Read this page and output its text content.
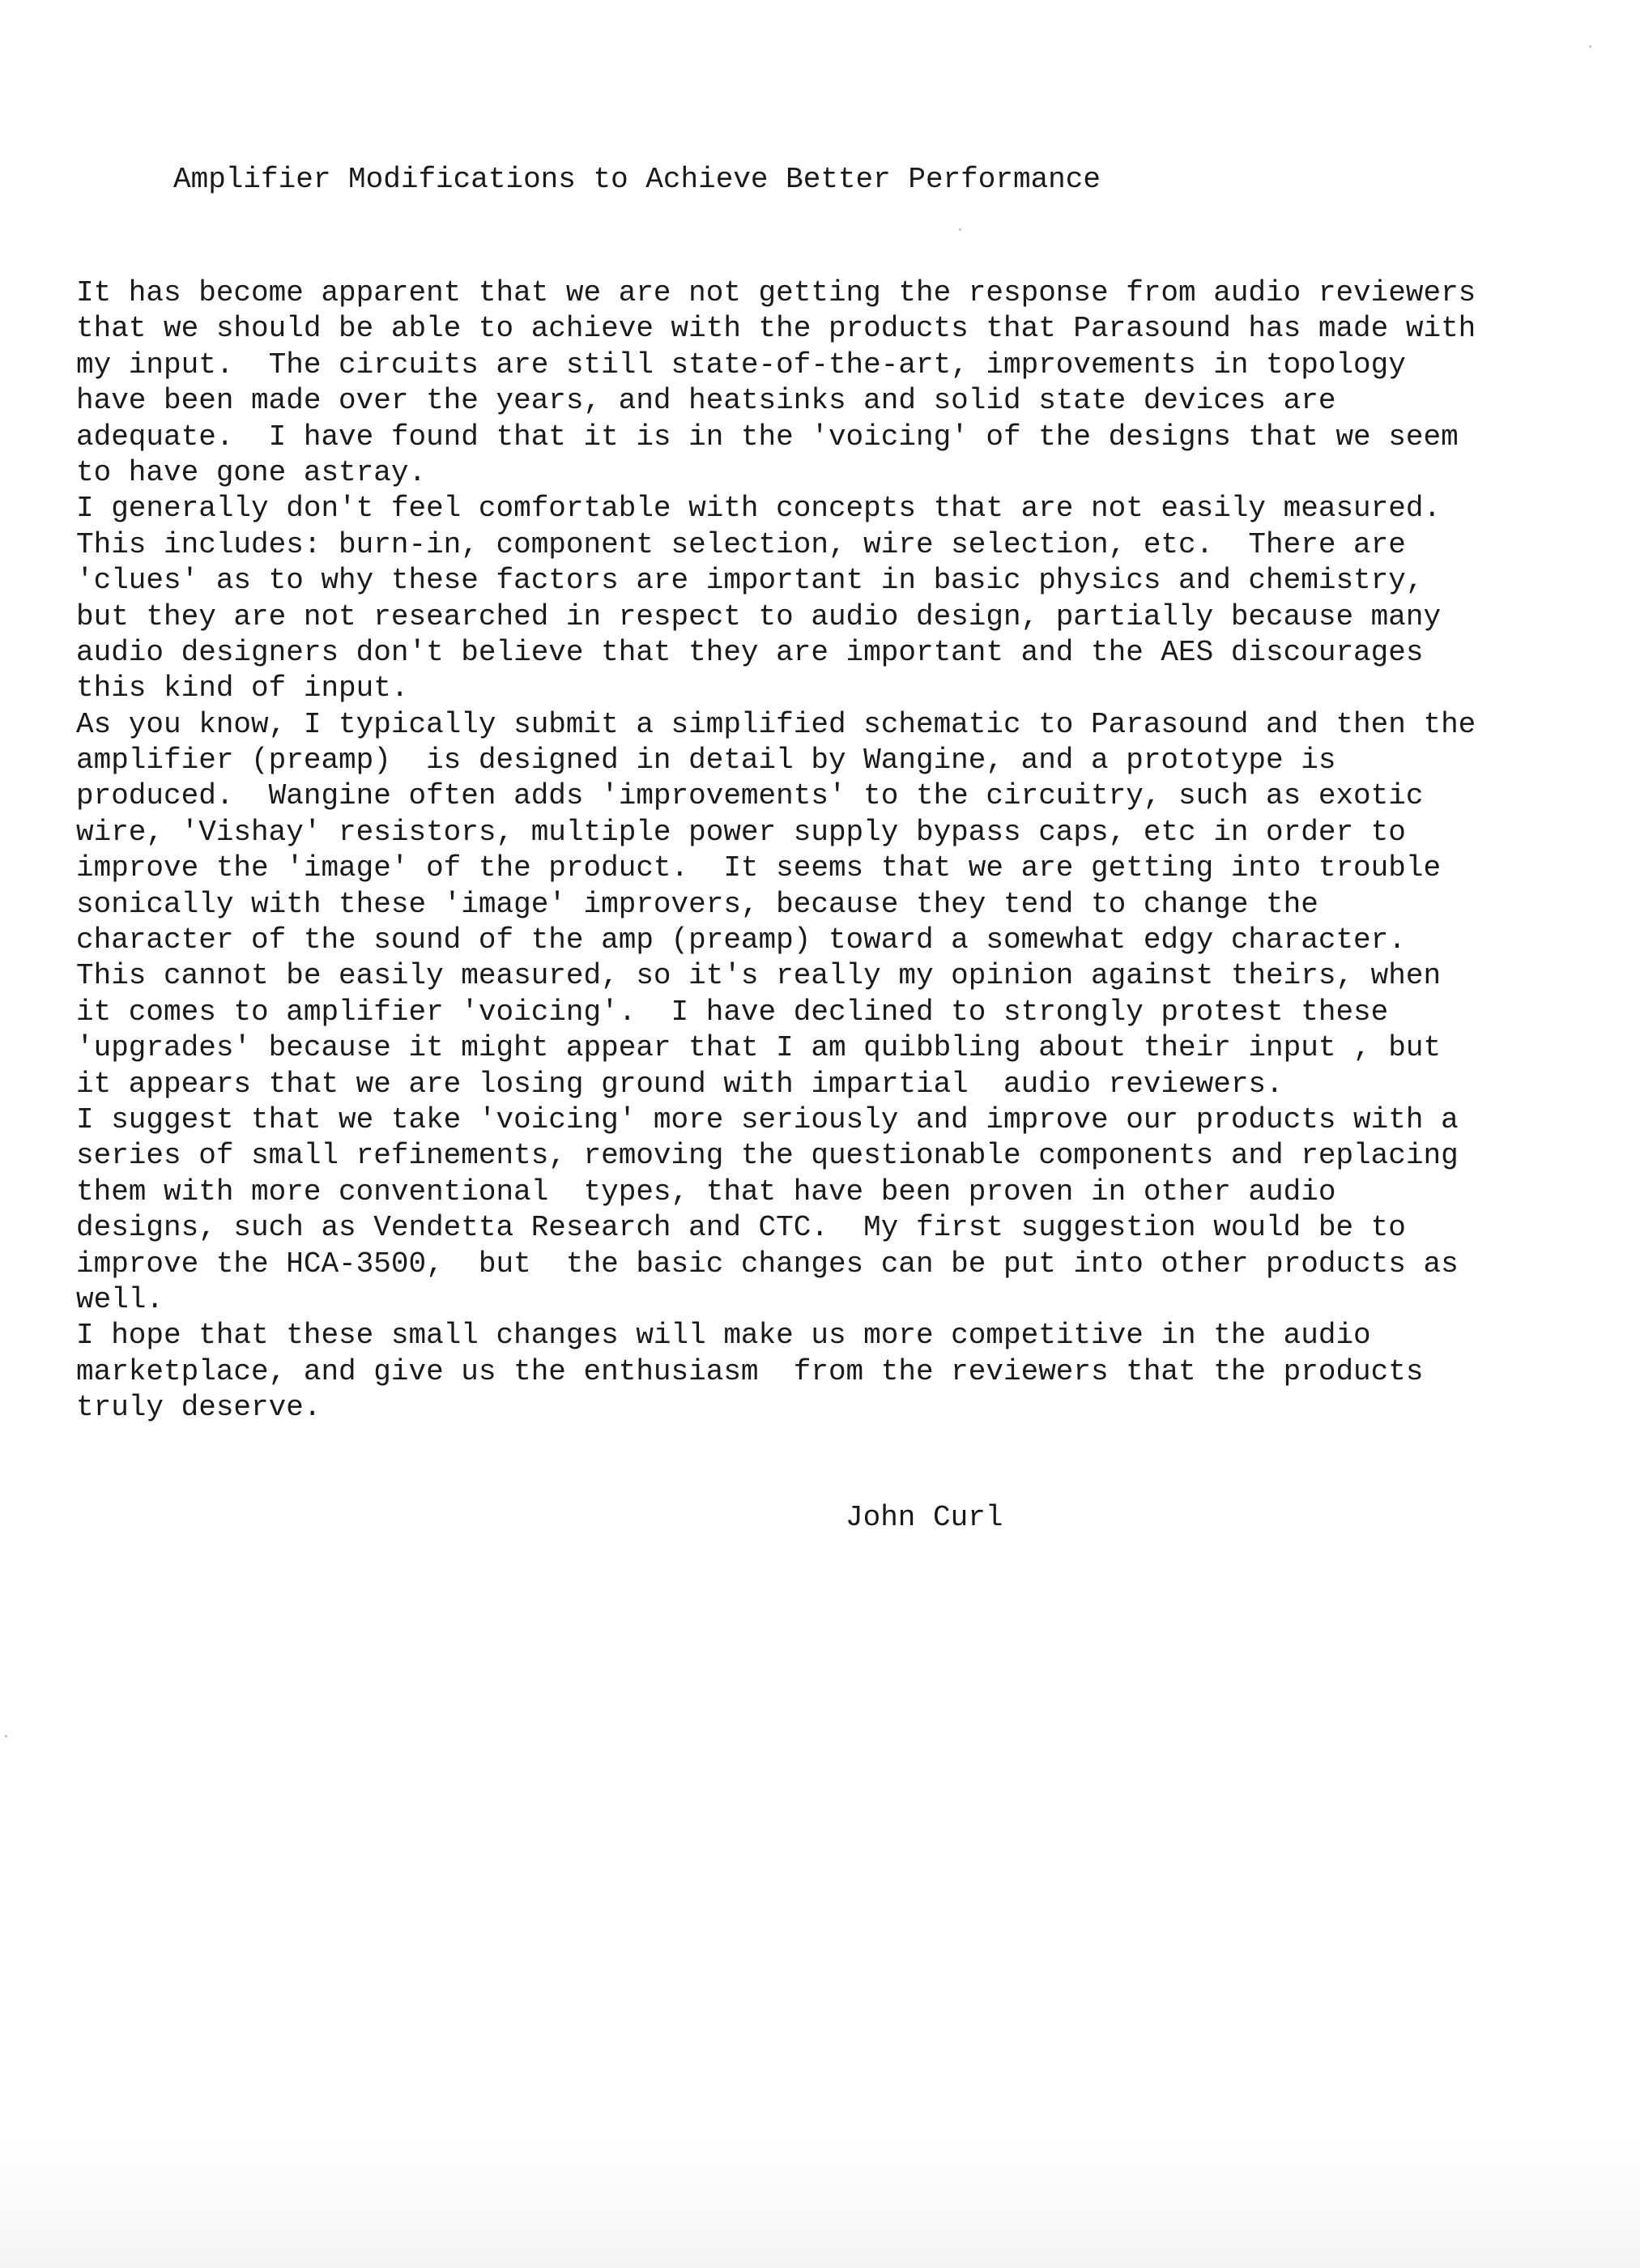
Amplifier Modifications to Achieve Better Performance
It has become apparent that we are not getting the response from audio reviewers
that we should be able to achieve with the products that Parasound has made with
my input.  The circuits are still state-of-the-art, improvements in topology
have been made over the years, and heatsinks and solid state devices are
adequate.  I have found that it is in the 'voicing' of the designs that we seem
to have gone astray.
I generally don't feel comfortable with concepts that are not easily measured.
This includes: burn-in, component selection, wire selection, etc.  There are
'clues' as to why these factors are important in basic physics and chemistry,
but they are not researched in respect to audio design, partially because many
audio designers don't believe that they are important and the AES discourages
this kind of input.
As you know, I typically submit a simplified schematic to Parasound and then the
amplifier (preamp)  is designed in detail by Wangine, and a prototype is
produced.  Wangine often adds 'improvements' to the circuitry, such as exotic
wire, 'Vishay' resistors, multiple power supply bypass caps, etc in order to
improve the 'image' of the product.  It seems that we are getting into trouble
sonically with these 'image' improvers, because they tend to change the
character of the sound of the amp (preamp) toward a somewhat edgy character.
This cannot be easily measured, so it's really my opinion against theirs, when
it comes to amplifier 'voicing'.  I have declined to strongly protest these
'upgrades' because it might appear that I am quibbling about their input , but
it appears that we are losing ground with impartial  audio reviewers.
I suggest that we take 'voicing' more seriously and improve our products with a
series of small refinements, removing the questionable components and replacing
them with more conventional  types, that have been proven in other audio
designs, such as Vendetta Research and CTC.  My first suggestion would be to
improve the HCA-3500,  but  the basic changes can be put into other products as
well.
I hope that these small changes will make us more competitive in the audio
marketplace, and give us the enthusiasm  from the reviewers that the products
truly deserve.
John Curl
